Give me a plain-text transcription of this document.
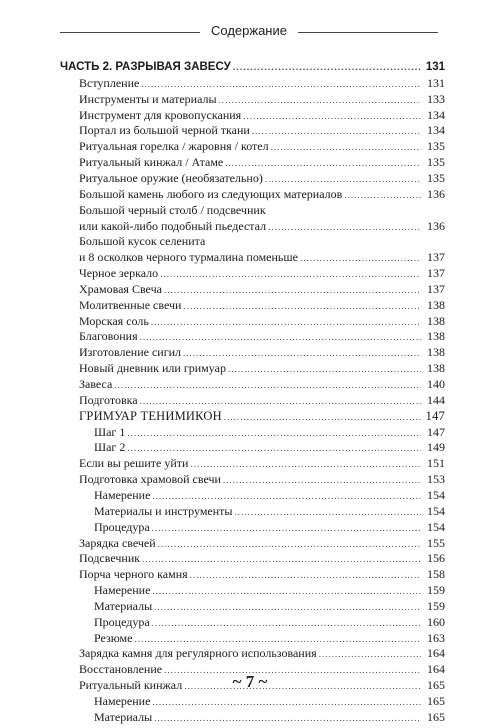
Содержание
ЧАСТЬ 2. РАЗРЫВАЯ ЗАВЕСУ .....	131
Вступление .....	131
Инструменты и материалы .....	133
Инструмент для кровопускания .....	134
Портал из большой черной ткани .....	134
Ритуальная горелка / жаровня / котел .....	135
Ритуальный кинжал / Атаме .....	135
Ритуальное оружие (необязательно) .....	135
Большой камень любого из следующих материалов .....	136
Большой черный столб / подсвечник
или какой-либо подобный пьедестал .....	136
Большой кусок селенита
и 8 осколков черного турмалина поменьше .....	137
Черное зеркало .....	137
Храмовая Свеча .....	137
Молитвенные свечи .....	138
Морская соль .....	138
Благовония .....	138
Изготовление сигил .....	138
Новый дневник или гримуар .....	138
Завеса .....	140
Подготовка .....	144
ГРИМУАР ТЕНИМИКОН .....	147
Шаг 1 .....	147
Шаг 2 .....	149
Если вы решите уйти .....	151
Подготовка храмовой свечи .....	153
Намерение .....	154
Материалы и инструменты .....	154
Процедура .....	154
Зарядка свечей .....	155
Подсвечник .....	156
Порча черного камня .....	158
Намерение .....	159
Материалы .....	159
Процедура .....	160
Резюме .....	163
Зарядка камня для регулярного использования .....	164
Восстановление .....	164
Ритуальный кинжал .....	165
Намерение .....	165
Материалы .....	165
~ 7 ~
